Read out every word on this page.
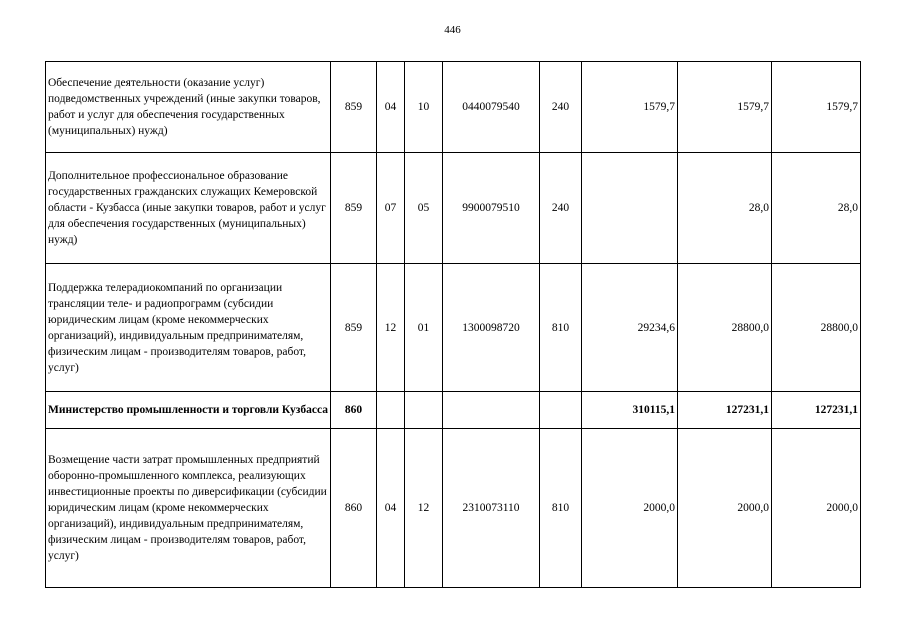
446
Обеспечение деятельности (оказание услуг) подведомственных учреждений (иные закупки товаров, работ и услуг для обеспечения государственных (муниципальных) нужд)	859	04	10	0440079540	240	1579,7	1579,7	1579,7
Дополнительное профессиональное образование государственных гражданских служащих Кемеровской области - Кузбасса (иные закупки товаров, работ и услуг для обеспечения государственных (муниципальных) нужд)	859	07	05	9900079510	240		28,0	28,0
Поддержка телерадиокомпаний по организации трансляции теле- и радиопрограмм (субсидии юридическим лицам (кроме некоммерческих организаций), индивидуальным предпринимателям, физическим лицам - производителям товаров, работ, услуг)	859	12	01	1300098720	810	29234,6	28800,0	28800,0
Министерство промышленности и торговли Кузбасса	860					310115,1	127231,1	127231,1
Возмещение части затрат промышленных предприятий оборонно-промышленного комплекса, реализующих инвестиционные проекты по диверсификации (субсидии юридическим лицам (кроме некоммерческих организаций), индивидуальным предпринимателям, физическим лицам - производителям товаров, работ, услуг)	860	04	12	2310073110	810	2000,0	2000,0	2000,0
